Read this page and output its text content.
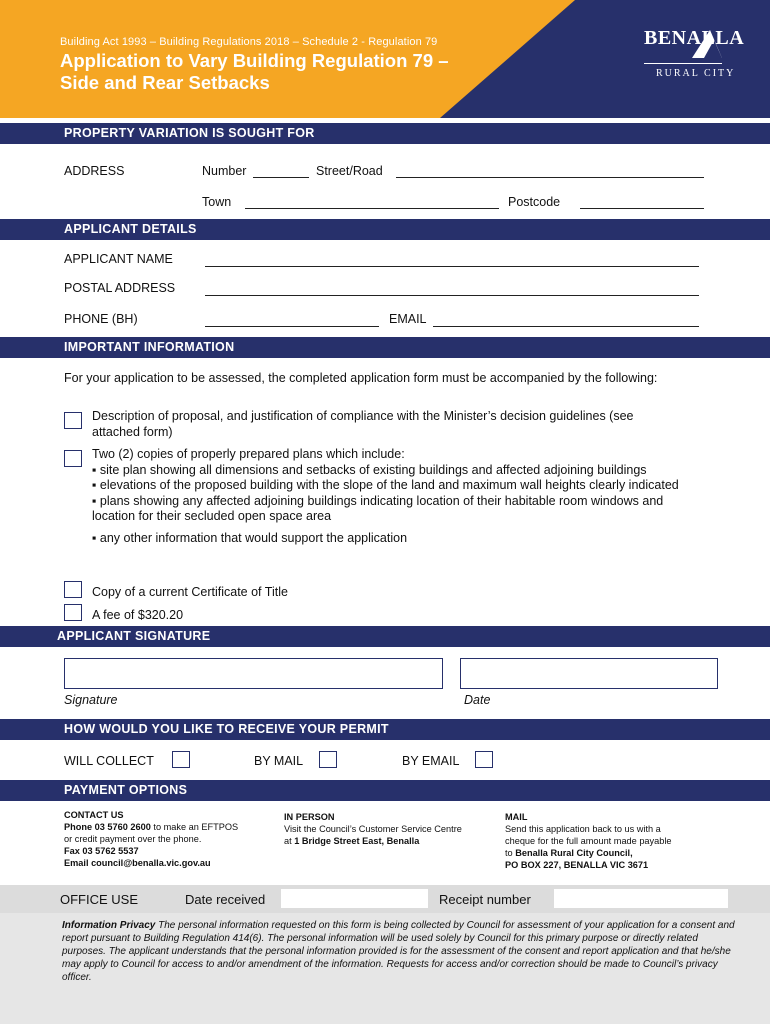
Building Act 1993 – Building Regulations 2018 – Schedule 2 - Regulation 79
Application to Vary Building Regulation 79 –
Side and Rear Setbacks
BENALLA
RURAL CITY
PROPERTY VARIATION IS SOUGHT FOR
ADDRESS	Number	Street/Road
Town	Postcode
APPLICANT DETAILS
APPLICANT NAME
POSTAL ADDRESS
PHONE (BH)	EMAIL
IMPORTANT INFORMATION
For your application to be assessed, the completed application form must be accompanied by the following:
Description of proposal, and justification of compliance with the Minister’s decision guidelines (see attached form)
Two (2) copies of properly prepared plans which include:
▪ site plan showing all dimensions and setbacks of existing buildings and affected adjoining buildings
▪ elevations of the proposed building with the slope of the land and maximum wall heights clearly indicated
▪ plans showing any affected adjoining buildings indicating location of their habitable room windows and location for their secluded open space area
▪ any other information that would support the application
Copy of a current Certificate of Title
A fee of $320.20
APPLICANT SIGNATURE
Signature	Date
HOW WOULD YOU LIKE TO RECEIVE YOUR PERMIT
WILL COLLECT	BY MAIL	BY EMAIL
PAYMENT OPTIONS
CONTACT US
Phone 03 5760 2600 to make an EFTPOS
or credit payment over the phone.
Fax 03 5762 5537
Email council@benalla.vic.gov.au
IN PERSON
Visit the Council’s Customer Service Centre
at 1 Bridge Street East, Benalla
MAIL
Send this application back to us with a
cheque for the full amount made payable
to Benalla Rural City Council,
PO BOX 227, BENALLA VIC 3671
OFFICE USE	Date received	Receipt number
Information Privacy The personal information requested on this form is being collected by Council for assessment of your application for a consent and report pursuant to Building Regulation 414(6). The personal information will be used solely by Council for this primary purpose or directly related purposes. The applicant understands that the personal information provided is for the assessment of the consent and report application and that he/she may apply to Council for access to and/or amendment of the information. Requests for access and/or correction should be made to Council’s privacy officer.
